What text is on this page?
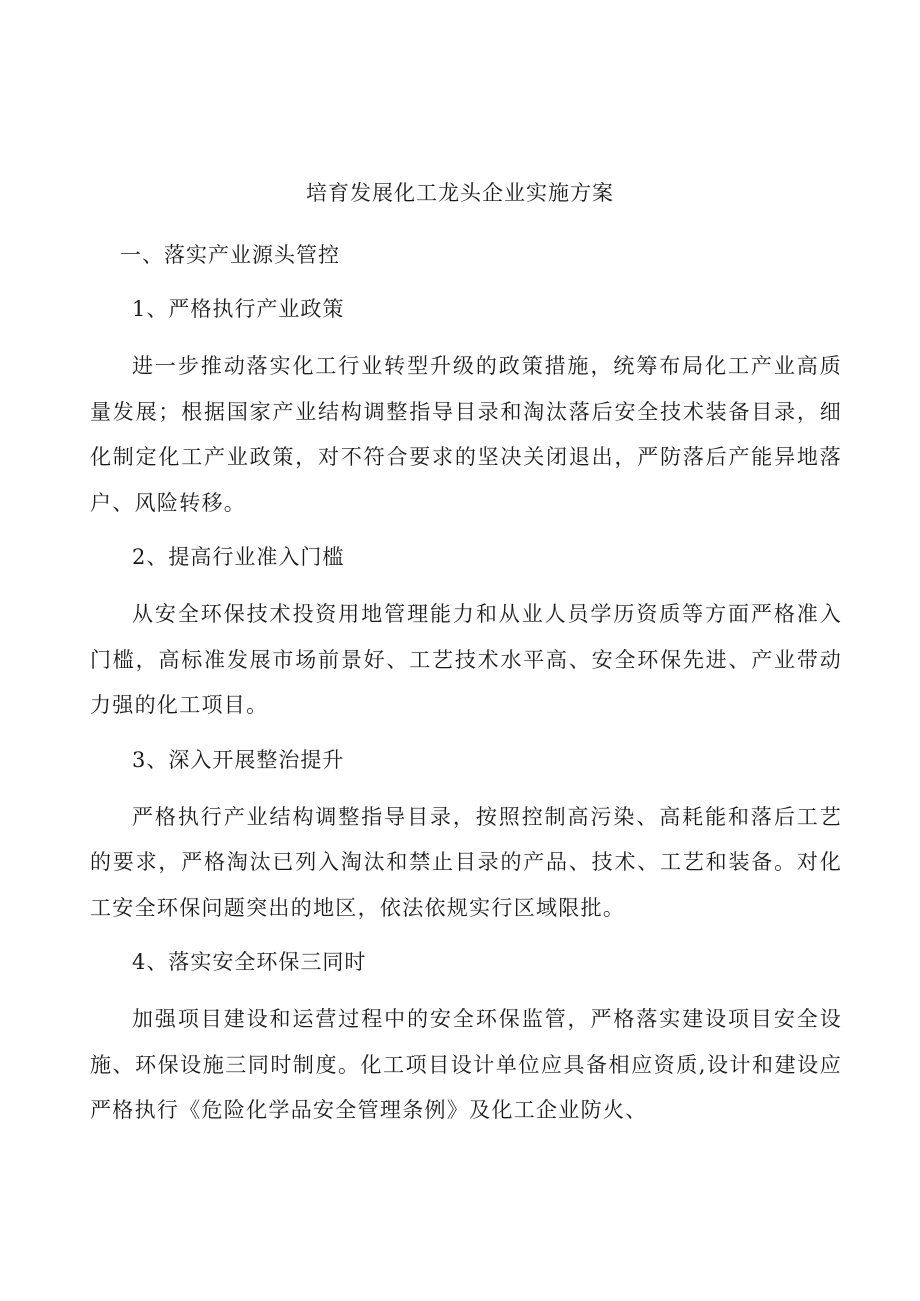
培育发展化工龙头企业实施方案

一、落实产业源头管控

1、严格执行产业政策

进一步推动落实化工行业转型升级的政策措施，统筹布局化工产业高质量发展；根据国家产业结构调整指导目录和淘汰落后安全技术装备目录，细化制定化工产业政策，对不符合要求的坚决关闭退出，严防落后产能异地落户、风险转移。

2、提高行业准入门槛

从安全环保技术投资用地管理能力和从业人员学历资质等方面严格准入门槛，高标准发展市场前景好、工艺技术水平高、安全环保先进、产业带动力强的化工项目。

3、深入开展整治提升

严格执行产业结构调整指导目录，按照控制高污染、高耗能和落后工艺的要求，严格淘汰已列入淘汰和禁止目录的产品、技术、工艺和装备。对化工安全环保问题突出的地区，依法依规实行区域限批。

4、落实安全环保三同时

加强项目建设和运营过程中的安全环保监管，严格落实建设项目安全设施、环保设施三同时制度。化工项目设计单位应具备相应资质,设计和建设应严格执行《危险化学品安全管理条例》及化工企业防火、
